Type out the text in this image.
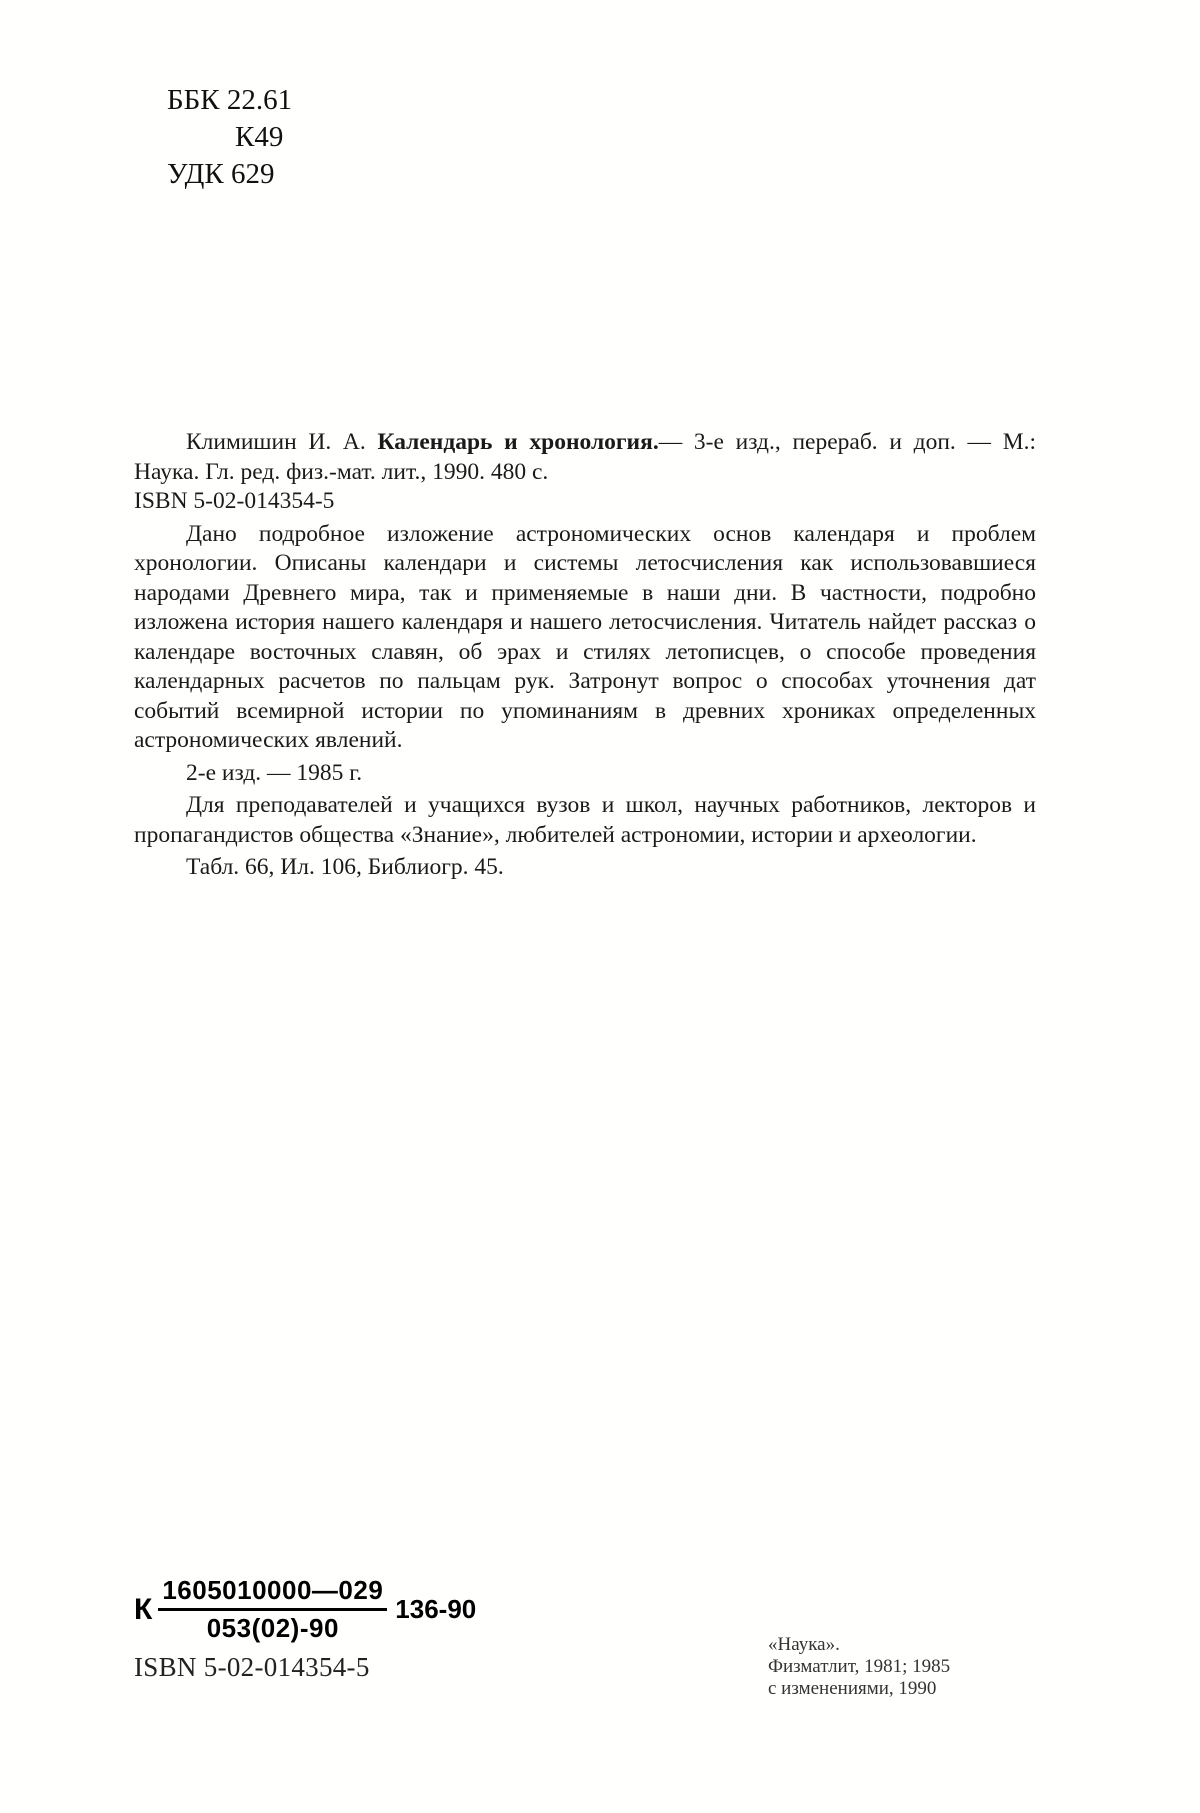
ББК 22.61
К49
УДК 629

Климишин И. А. Календарь и хронология.— 3-е изд., перераб. и доп. — М.: Наука. Гл. ред. физ.-мат. лит., 1990. 480 с.

ISBN 5-02-014354-5

Дано подробное изложение астрономических основ календаря и проблем хронологии. Описаны календари и системы летосчисления как использовавшиеся народами Древнего мира, так и применяемые в наши дни. В частности, подробно изложена история нашего календаря и нашего летосчисления. Читатель найдет рассказ о календаре восточных славян, об эрах и стилях летописцев, о способе проведения календарных расчетов по пальцам рук. Затронут вопрос о способах уточнения дат событий всемирной истории по упоминаниям в древних хрониках определенных астрономических явлений.

2-е изд. — 1985 г.

Для преподавателей и учащихся вузов и школ, научных работников, лекторов и пропагандистов общества «Знание», любителей астрономии, истории и археологии.

Табл. 66, Ил. 106, Библиогр. 45.

К
1605010000—029
053(02)-90
136-90
ISBN 5-02-014354-5
«Наука».
Физматлит, 1981; 1985
с изменениями, 1990
